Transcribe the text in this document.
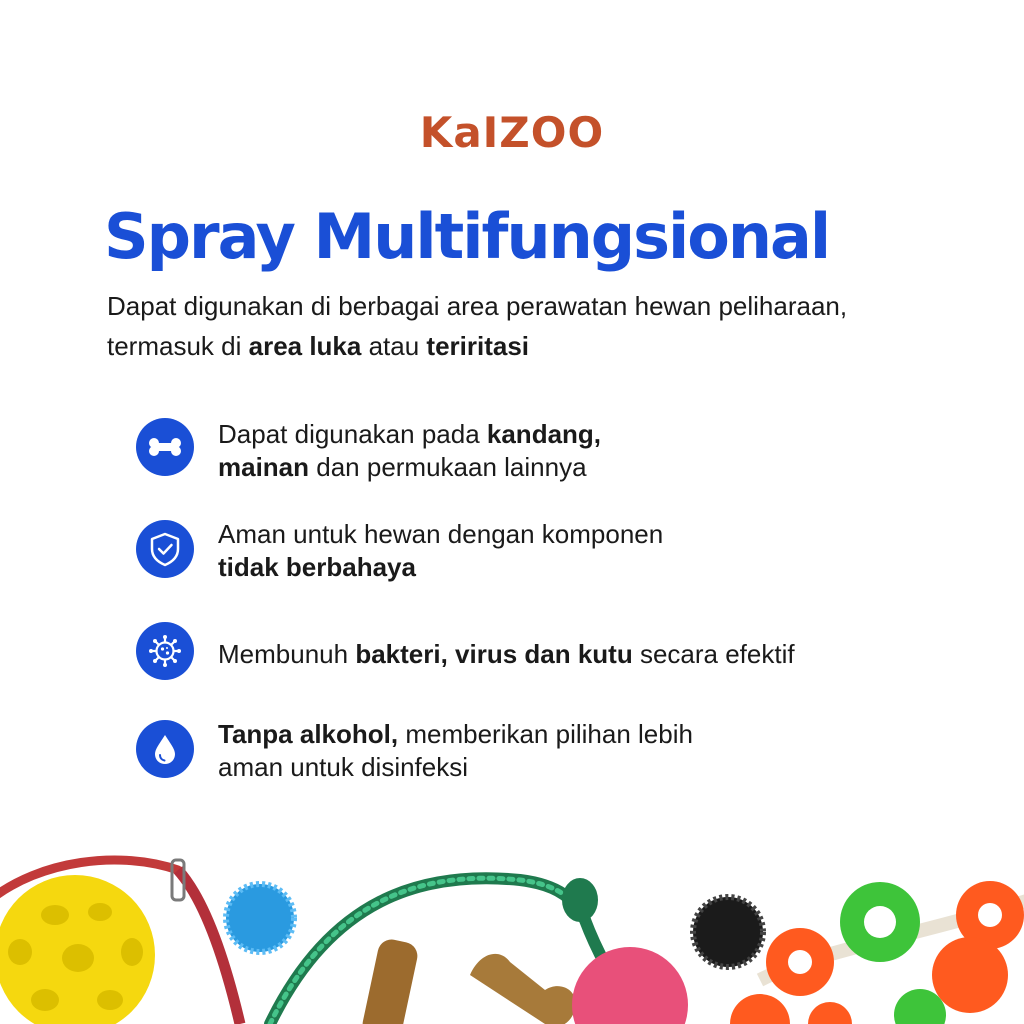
KaIZOO
Spray Multifungsional
Dapat digunakan di berbagai area perawatan hewan peliharaan, termasuk di area luka atau teriritasi
Dapat digunakan pada kandang,
mainan dan permukaan lainnya
Aman untuk hewan dengan komponen
tidak berbahaya
Membunuh bakteri, virus dan kutu secara efektif
Tanpa alkohol, memberikan pilihan lebih
aman untuk disinfeksi
